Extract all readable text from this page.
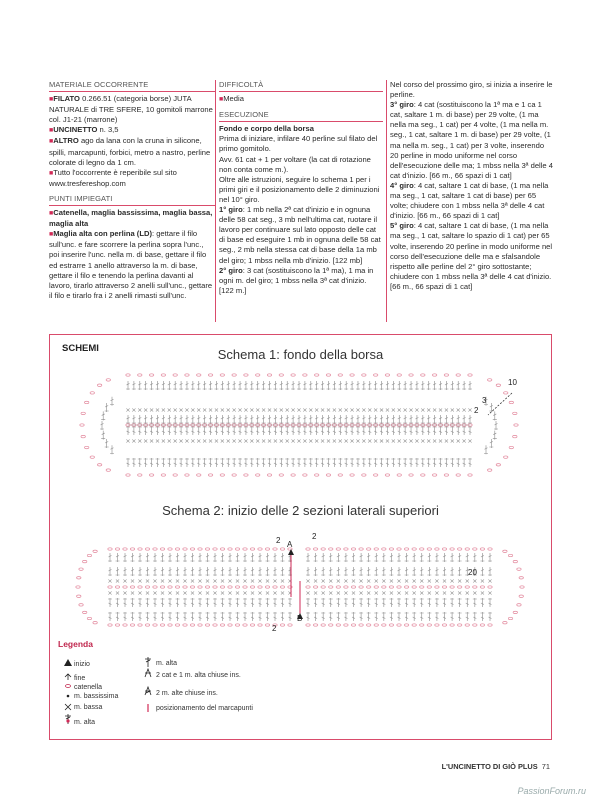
MATERIALE OCCORRENTE

■FILATO 0.266.51 (categoria borse) JUTA NATURALE di TRE SFERE, 10 gomitoli marrone col. J1-21 (marrone)

■UNCINETTO n. 3,5

■ALTRO ago da lana con la cruna in silicone, spilli, marcapunti, forbici, metro a nastro, perline colorate di legno da 1 cm.

■Tutto l'occorrente è reperibile sul sito www.tresfereshop.com

PUNTI IMPIEGATI

■Catenella, maglia bassissima, maglia bassa, maglia alta

■Maglia alta con perlina (LD): gettare il filo sull'unc. e fare scorrere la perlina sopra l'unc., poi inserire l'unc. nella m. di base, gettare il filo ed estrarre 1 anello attraverso la m. di base, gettare il filo e tenendo la perlina davanti al lavoro, tirarlo attraverso 2 anelli sull'unc., gettare il filo e tirarlo fra i 2 anelli rimasti sull'unc.

DIFFICOLTÀ

■Media

ESECUZIONE

Fondo e corpo della borsa

Prima di iniziare, infilare 40 perline sul filato del primo gomitolo.

Avv. 61 cat + 1 per voltare (la cat di rotazione non conta come m.).

Oltre alle istruzioni, seguire lo schema 1 per i primi giri e il posizionamento delle 2 diminuzioni nel 10° giro.

1° giro: 1 mb nella 2ª cat d'inizio e in ognuna delle 58 cat seg., 3 mb nell'ultima cat, ruotare il lavoro per continuare sul lato opposto delle cat di base ed eseguire 1 mb in ognuna delle 58 cat seg., 2 mb nella stessa cat di base della 1a mb del giro; 1 mbss nella mb d'inizio. [122 mb]

2° giro: 3 cat (sostituiscono la 1ª ma), 1 ma in ogni m. del giro; 1 mbss nella 3ª cat d'inizio. [122 m.]

Nel corso del prossimo giro, si inizia a inserire le perline.

3° giro: 4 cat (sostituiscono la 1ª ma e 1 ca 1 cat, saltare 1 m. di base) per 29 volte, (1 ma nella ma seg., 1 cat) per 4 volte, (1 ma nella m. seg., 1 cat, saltare 1 m. di base) per 29 volte, (1 ma nella m. seg., 1 cat) per 3 volte, inserendo 20 perline in modo uniforme nel corso dell'esecuzione delle ma; 1 mbss nella 3ª delle 4 cat d'inizio. [66 m., 66 spazi di 1 cat]

4° giro: 4 cat, saltare 1 cat di base, (1 ma nella ma seg., 1 cat, saltare 1 cat di base) per 65 volte; chiudere con 1 mbss nella 3ª delle 4 cat d'inizio. [66 m., 66 spazi di 1 cat]

5° giro: 4 cat, saltare 1 cat di base, (1 ma nella ma seg., 1 cat, saltare lo spazio di 1 cat) per 65 volte, inserendo 20 perline in modo uniforme nel corso dell'esecuzione delle ma e sfalsandole rispetto alle perline del 2° giro sottostante; chiudere con 1 mbss nella 3ª delle 4 cat d'inizio.

[66 m., 66 spazi di 1 cat]

SCHEMI	Schema 1: fondo della borsa
Schema 2: inizio delle 2 sezioni laterali superiori
10
3
2
2	2
20
2
A
Legenda
inizio
fine
catenella
m. bassissima
m. bassa
m. alta
m. alta
2 cat e 1 m. alta chiuse ins.
2 m. alte chiuse ins.
posizionamento del marcapunti
L'UNCINETTO DI GIÒ PLUS 71
PassionForum.ru
